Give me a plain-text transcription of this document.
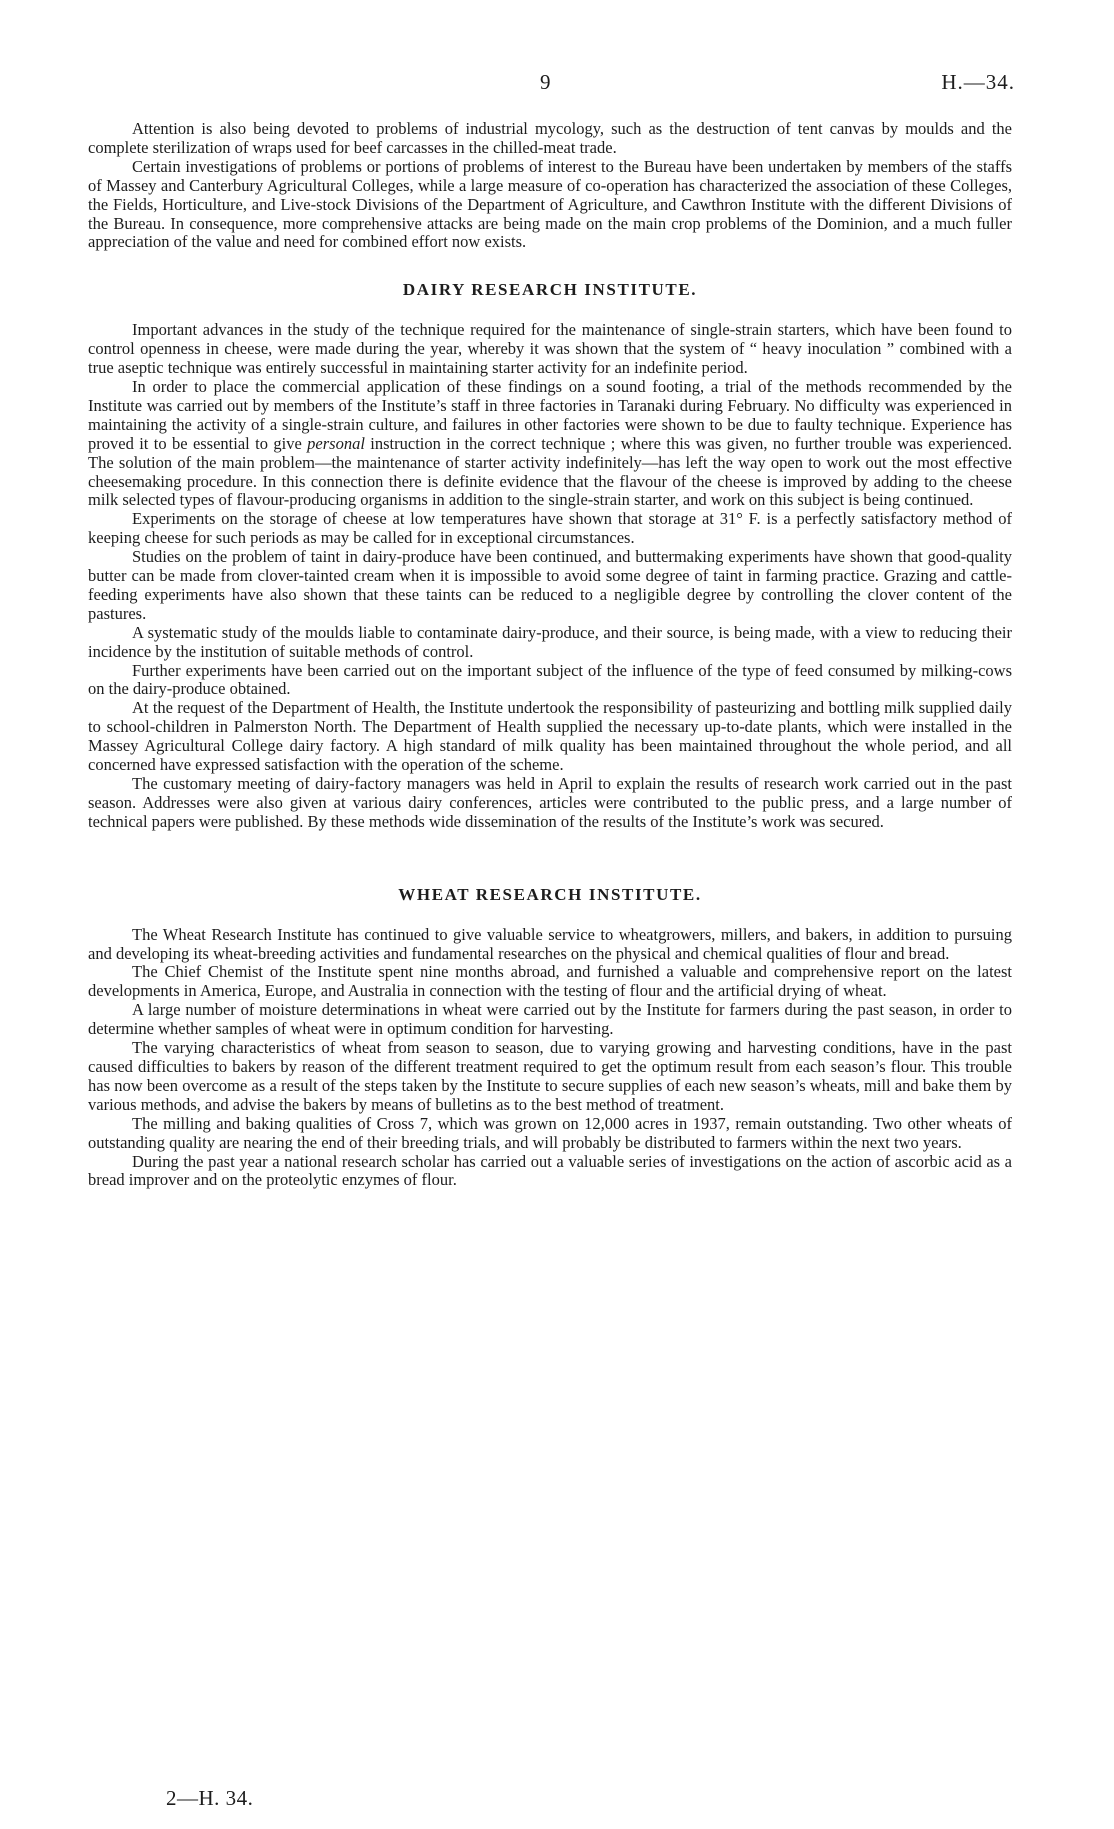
9	H.—34.

Attention is also being devoted to problems of industrial mycology, such as the destruction of tent canvas by moulds and the complete sterilization of wraps used for beef carcasses in the chilled-meat trade.

Certain investigations of problems or portions of problems of interest to the Bureau have been undertaken by members of the staffs of Massey and Canterbury Agricultural Colleges, while a large measure of co-operation has characterized the association of these Colleges, the Fields, Horticulture, and Live-stock Divisions of the Department of Agriculture, and Cawthron Institute with the different Divisions of the Bureau. In consequence, more comprehensive attacks are being made on the main crop problems of the Dominion, and a much fuller appreciation of the value and need for combined effort now exists.

DAIRY RESEARCH INSTITUTE.

Important advances in the study of the technique required for the maintenance of single-strain starters, which have been found to control openness in cheese, were made during the year, whereby it was shown that the system of “ heavy inoculation ” combined with a true aseptic technique was entirely successful in maintaining starter activity for an indefinite period.

In order to place the commercial application of these findings on a sound footing, a trial of the methods recommended by the Institute was carried out by members of the Institute’s staff in three factories in Taranaki during February. No difficulty was experienced in maintaining the activity of a single-strain culture, and failures in other factories were shown to be due to faulty technique. Experience has proved it to be essential to give personal instruction in the correct technique ; where this was given, no further trouble was experienced. The solution of the main problem—the maintenance of starter activity indefinitely—has left the way open to work out the most effective cheesemaking procedure. In this connection there is definite evidence that the flavour of the cheese is improved by adding to the cheese milk selected types of flavour-producing organisms in addition to the single-strain starter, and work on this subject is being continued.

Experiments on the storage of cheese at low temperatures have shown that storage at 31° F. is a perfectly satisfactory method of keeping cheese for such periods as may be called for in exceptional circumstances.

Studies on the problem of taint in dairy-produce have been continued, and buttermaking experiments have shown that good-quality butter can be made from clover-tainted cream when it is impossible to avoid some degree of taint in farming practice. Grazing and cattle-feeding experiments have also shown that these taints can be reduced to a negligible degree by controlling the clover content of the pastures.

A systematic study of the moulds liable to contaminate dairy-produce, and their source, is being made, with a view to reducing their incidence by the institution of suitable methods of control.

Further experiments have been carried out on the important subject of the influence of the type of feed consumed by milking-cows on the dairy-produce obtained.

At the request of the Department of Health, the Institute undertook the responsibility of pasteurizing and bottling milk supplied daily to school-children in Palmerston North. The Department of Health supplied the necessary up-to-date plants, which were installed in the Massey Agricultural College dairy factory. A high standard of milk quality has been maintained throughout the whole period, and all concerned have expressed satisfaction with the operation of the scheme.

The customary meeting of dairy-factory managers was held in April to explain the results of research work carried out in the past season. Addresses were also given at various dairy conferences, articles were contributed to the public press, and a large number of technical papers were published. By these methods wide dissemination of the results of the Institute’s work was secured.

WHEAT RESEARCH INSTITUTE.

The Wheat Research Institute has continued to give valuable service to wheatgrowers, millers, and bakers, in addition to pursuing and developing its wheat-breeding activities and fundamental researches on the physical and chemical qualities of flour and bread.

The Chief Chemist of the Institute spent nine months abroad, and furnished a valuable and comprehensive report on the latest developments in America, Europe, and Australia in connection with the testing of flour and the artificial drying of wheat.

A large number of moisture determinations in wheat were carried out by the Institute for farmers during the past season, in order to determine whether samples of wheat were in optimum condition for harvesting.

The varying characteristics of wheat from season to season, due to varying growing and harvesting conditions, have in the past caused difficulties to bakers by reason of the different treatment required to get the optimum result from each season’s flour. This trouble has now been overcome as a result of the steps taken by the Institute to secure supplies of each new season’s wheats, mill and bake them by various methods, and advise the bakers by means of bulletins as to the best method of treatment.

The milling and baking qualities of Cross 7, which was grown on 12,000 acres in 1937, remain outstanding. Two other wheats of outstanding quality are nearing the end of their breeding trials, and will probably be distributed to farmers within the next two years.

During the past year a national research scholar has carried out a valuable series of investigations on the action of ascorbic acid as a bread improver and on the proteolytic enzymes of flour.

2—H. 34.
